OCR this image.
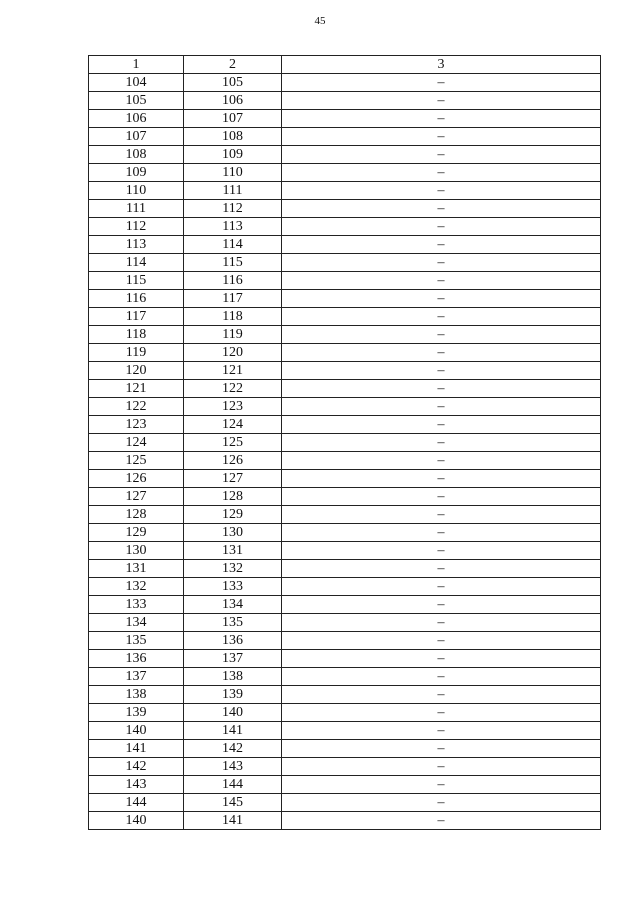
45
1	2	3
104	105	–
105	106	–
106	107	–
107	108	–
108	109	–
109	110	–
110	111	–
111	112	–
112	113	–
113	114	–
114	115	–
115	116	–
116	117	–
117	118	–
118	119	–
119	120	–
120	121	–
121	122	–
122	123	–
123	124	–
124	125	–
125	126	–
126	127	–
127	128	–
128	129	–
129	130	–
130	131	–
131	132	–
132	133	–
133	134	–
134	135	–
135	136	–
136	137	–
137	138	–
138	139	–
139	140	–
140	141	–
141	142	–
142	143	–
143	144	–
144	145	–
140	141	–
